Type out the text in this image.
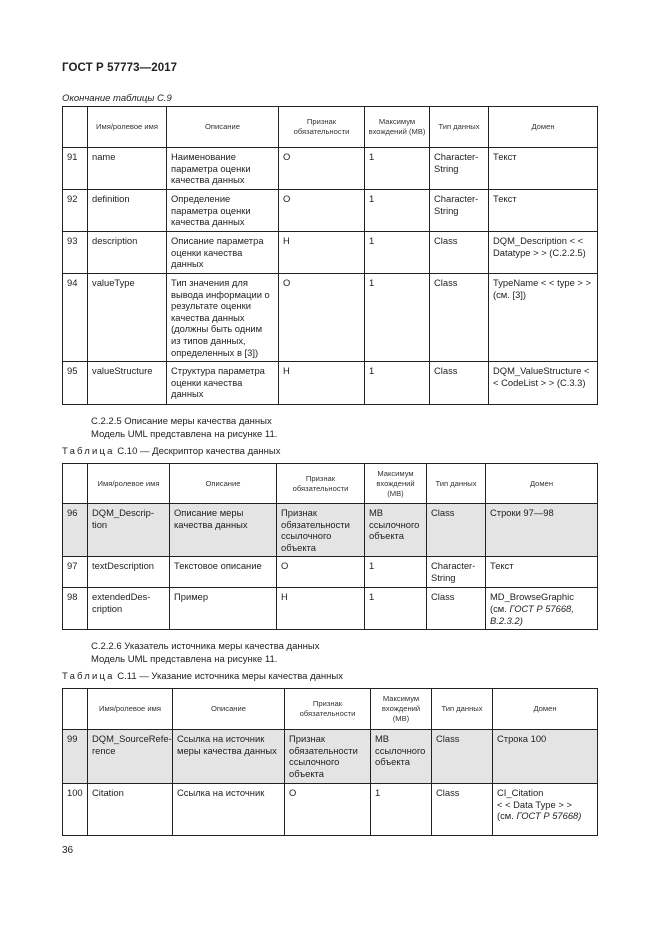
ГОСТ Р 57773—2017
Окончание таблицы С.9
	Имя/ролевое имя	Описание	Признак обязательности	Максимум вхождений (MB)	Тип данных	Домен
91	name	Наименование параметра оценки качества данных	О	1	Character-String	Текст
92	definition	Определение параметра оценки качества данных	О	1	Character-String	Текст
93	description	Описание параметра оценки качества данных	Н	1	Class	DQM_Description < < Datatype > > (С.2.2.5)
94	valueType	Тип значения для вывода информации о результате оценки качества данных (должны быть одним из типов данных, определенных в [3])	О	1	Class	TypeName < < type > > (см. [3])
95	valueStructure	Структура параметра оценки качества данных	Н	1	Class	DQM_ValueStructure < < CodeList > > (С.3.3)
С.2.2.5 Описание меры качества данных
Модель UML представлена на рисунке 11.
Таблица С.10 — Дескриптор качества данных
	Имя/ролевое имя	Описание	Признак обязательности	Максимум вхождений (MB)	Тип данных	Домен
96	DQM_Descrip-tion	Описание меры качества данных	Признак обязательности ссылочного объекта	MB ссылочного объекта	Class	Строки 97—98
97	textDescription	Текстовое описание	О	1	Character-String	Текст
98	extendedDes-cription	Пример	Н	1	Class	MD_BrowseGraphic
(см. ГОСТ Р 57668, В.2.3.2)
С.2.2.6 Указатель источника меры качества данных
Модель UML представлена на рисунке 11.
Таблица С.11 — Указание источника меры качества данных
	Имя/ролевое имя	Описание	Признак обязательности	Максимум вхождений (MB)	Тип данных	Домен
99	DQM_SourceRefe-rence	Ссылка на источник меры качества данных	Признак обязательности ссылочного объекта	MB ссылочного объекта	Class	Строка 100
100	Citation	Ссылка на источник	О	1	Class	CI_Citation
< < Data Type > >
(см. ГОСТ Р 57668)
36
